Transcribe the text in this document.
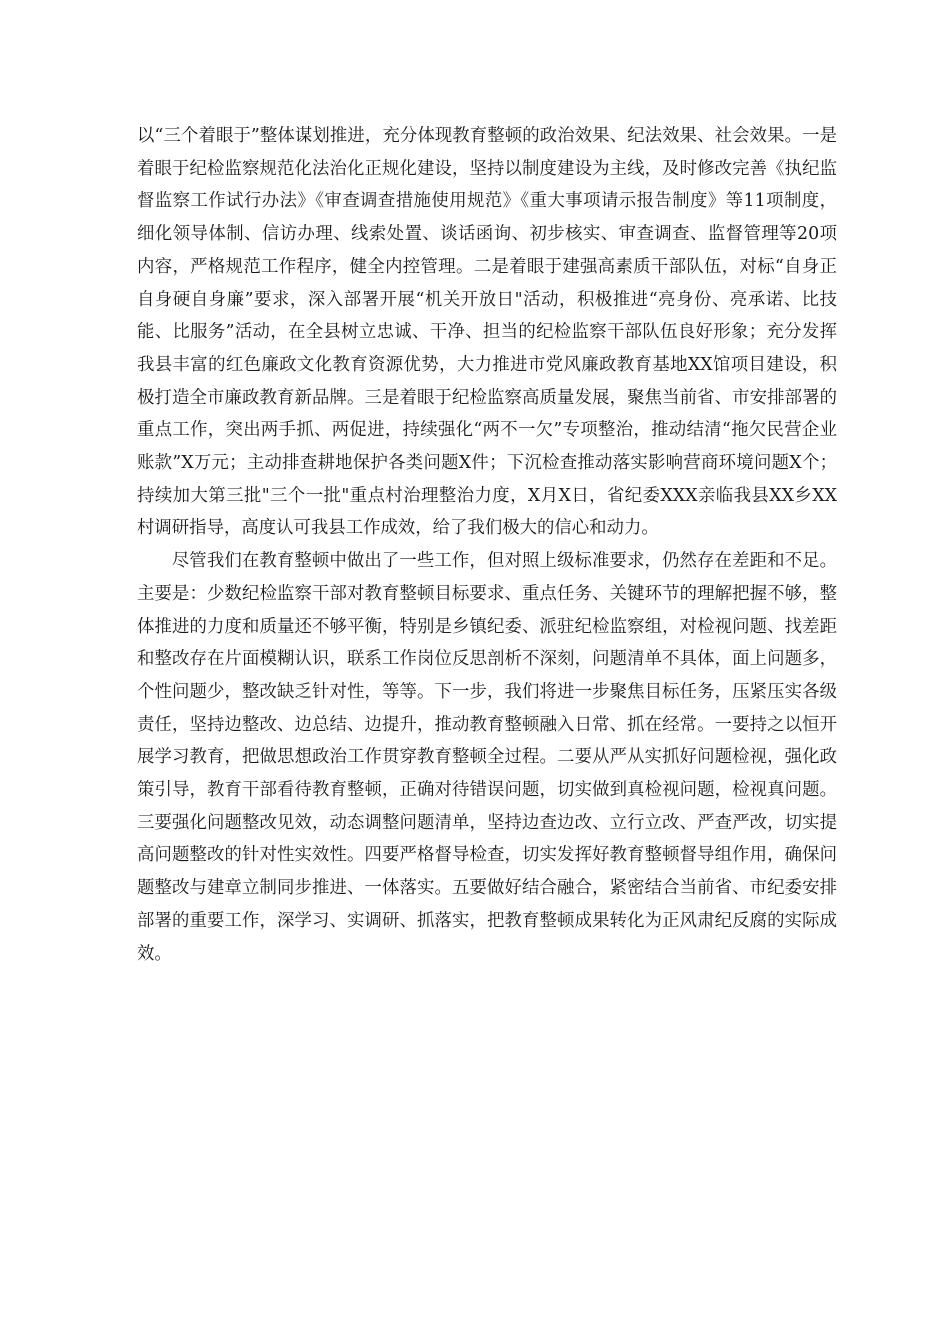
以“三个着眼于”整体谋划推进，充分体现教育整顿的政治效果、纪法效果、社会效果。一是着眼于纪检监察规范化法治化正规化建设，坚持以制度建设为主线，及时修改完善《执纪监督监察工作试行办法》《审查调查措施使用规范》《重大事项请示报告制度》等11项制度，细化领导体制、信访办理、线索处置、谈话函询、初步核实、审查调查、监督管理等20项内容，严格规范工作程序，健全内控管理。二是着眼于建强高素质干部队伍，对标“自身正自身硬自身廉”要求，深入部署开展“机关开放日"活动，积极推进“亮身份、亮承诺、比技能、比服务”活动，在全县树立忠诚、干净、担当的纪检监察干部队伍良好形象；充分发挥我县丰富的红色廉政文化教育资源优势，大力推进市党风廉政教育基地XX馆项目建设，积极打造全市廉政教育新品牌。三是着眼于纪检监察高质量发展，聚焦当前省、市安排部署的重点工作，突出两手抓、两促进，持续强化“两不一欠”专项整治，推动结清“拖欠民营企业账款”X万元；主动排查耕地保护各类问题X件；下沉检查推动落实影响营商环境问题X个；持续加大第三批"三个一批"重点村治理整治力度，X月X日，省纪委XXX亲临我县XX乡XX村调研指导，高度认可我县工作成效，给了我们极大的信心和动力。

尽管我们在教育整顿中做出了一些工作，但对照上级标准要求，仍然存在差距和不足。主要是：少数纪检监察干部对教育整顿目标要求、重点任务、关键环节的理解把握不够，整体推进的力度和质量还不够平衡，特别是乡镇纪委、派驻纪检监察组，对检视问题、找差距和整改存在片面模糊认识，联系工作岗位反思剖析不深刻，问题清单不具体，面上问题多，个性问题少，整改缺乏针对性，等等。下一步，我们将进一步聚焦目标任务，压紧压实各级责任，坚持边整改、边总结、边提升，推动教育整顿融入日常、抓在经常。一要持之以恒开展学习教育，把做思想政治工作贯穿教育整顿全过程。二要从严从实抓好问题检视，强化政策引导，教育干部看待教育整顿，正确对待错误问题，切实做到真检视问题，检视真问题。三要强化问题整改见效，动态调整问题清单，坚持边查边改、立行立改、严查严改，切实提高问题整改的针对性实效性。四要严格督导检查，切实发挥好教育整顿督导组作用，确保问题整改与建章立制同步推进、一体落实。五要做好结合融合，紧密结合当前省、市纪委安排部署的重要工作，深学习、实调研、抓落实，把教育整顿成果转化为正风肃纪反腐的实际成效。
